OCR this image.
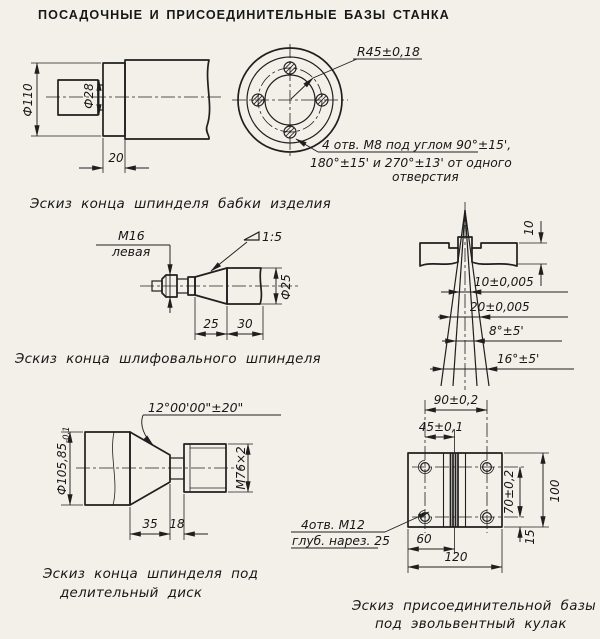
ПОСАДОЧНЫЕ И ПРИСОЕДИНИТЕЛЬНЫЕ БАЗЫ СТАНКА
Ф110	Ф28
20
Эскиз конца шпинделя бабки изделия
R45±0,18
4 отв. М8 под углом 90°±15',
180°±15' и 270°±13' от одного
отверстия
М16
левая
1:5
Ф25
25 30
Эскиз конца шлифовального шпинделя
10
10±0,005
20±0,005
8°±5'
16°±5'
12°00'00"±20"
Ф105,85
-0,1
М76×2
35 18
Эскиз конца шпинделя под
делительный диск
90±0,2
45±0,1
70±0,2	100
15
60
120
4отв. М12
глуб. нарез. 25
Эскиз присоединительной базы
под эвольвентный кулак
